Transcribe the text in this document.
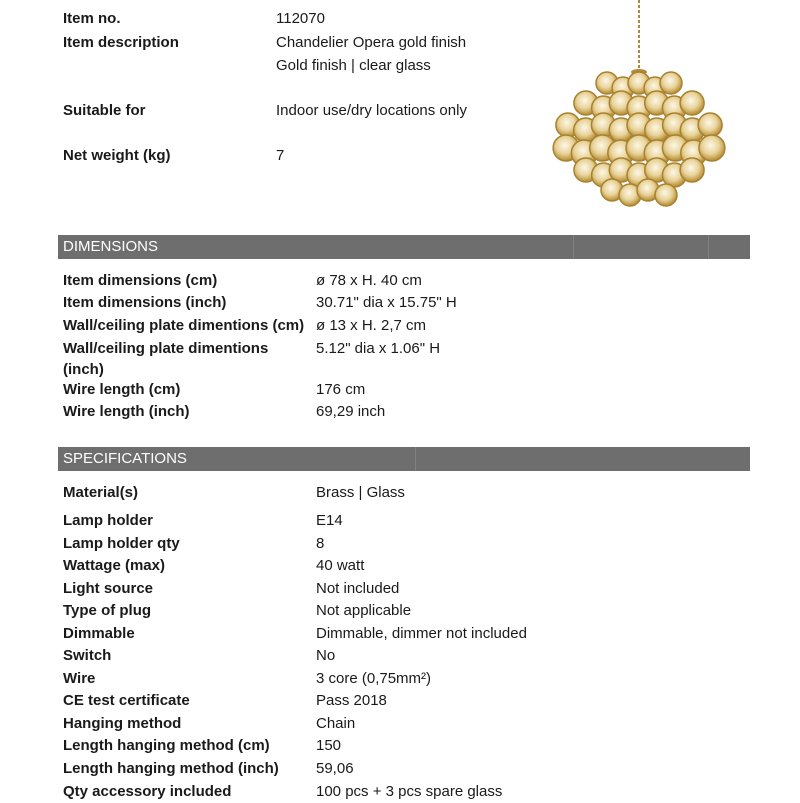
Item no.	112070
Item description	Chandelier Opera gold finish
Gold finish | clear glass
Suitable for	Indoor use/dry locations only
Net weight (kg)	7
DIMENSIONS
Item dimensions (cm)	ø 78 x H. 40 cm
Item dimensions (inch)	30.71" dia x 15.75" H
Wall/ceiling plate dimentions (cm) ø 13 x H. 2,7 cm
Wall/ceiling plate dimentions	5.12" dia x 1.06" H
(inch)
Wire length (cm)	176 cm
Wire length (inch)	69,29 inch
SPECIFICATIONS
Material(s)	Brass | Glass
Lamp holder	E14
Lamp holder qty	8
Wattage (max)	40 watt
Light source	Not included
Type of plug	Not applicable
Dimmable	Dimmable, dimmer not included
Switch	No
Wire	3 core (0,75mm²)
CE test certificate	Pass 2018
Hanging method	Chain
Length hanging method (cm)	150
Length hanging method (inch) 59,06
Qty accessory included	100 pcs + 3 pcs spare glass
